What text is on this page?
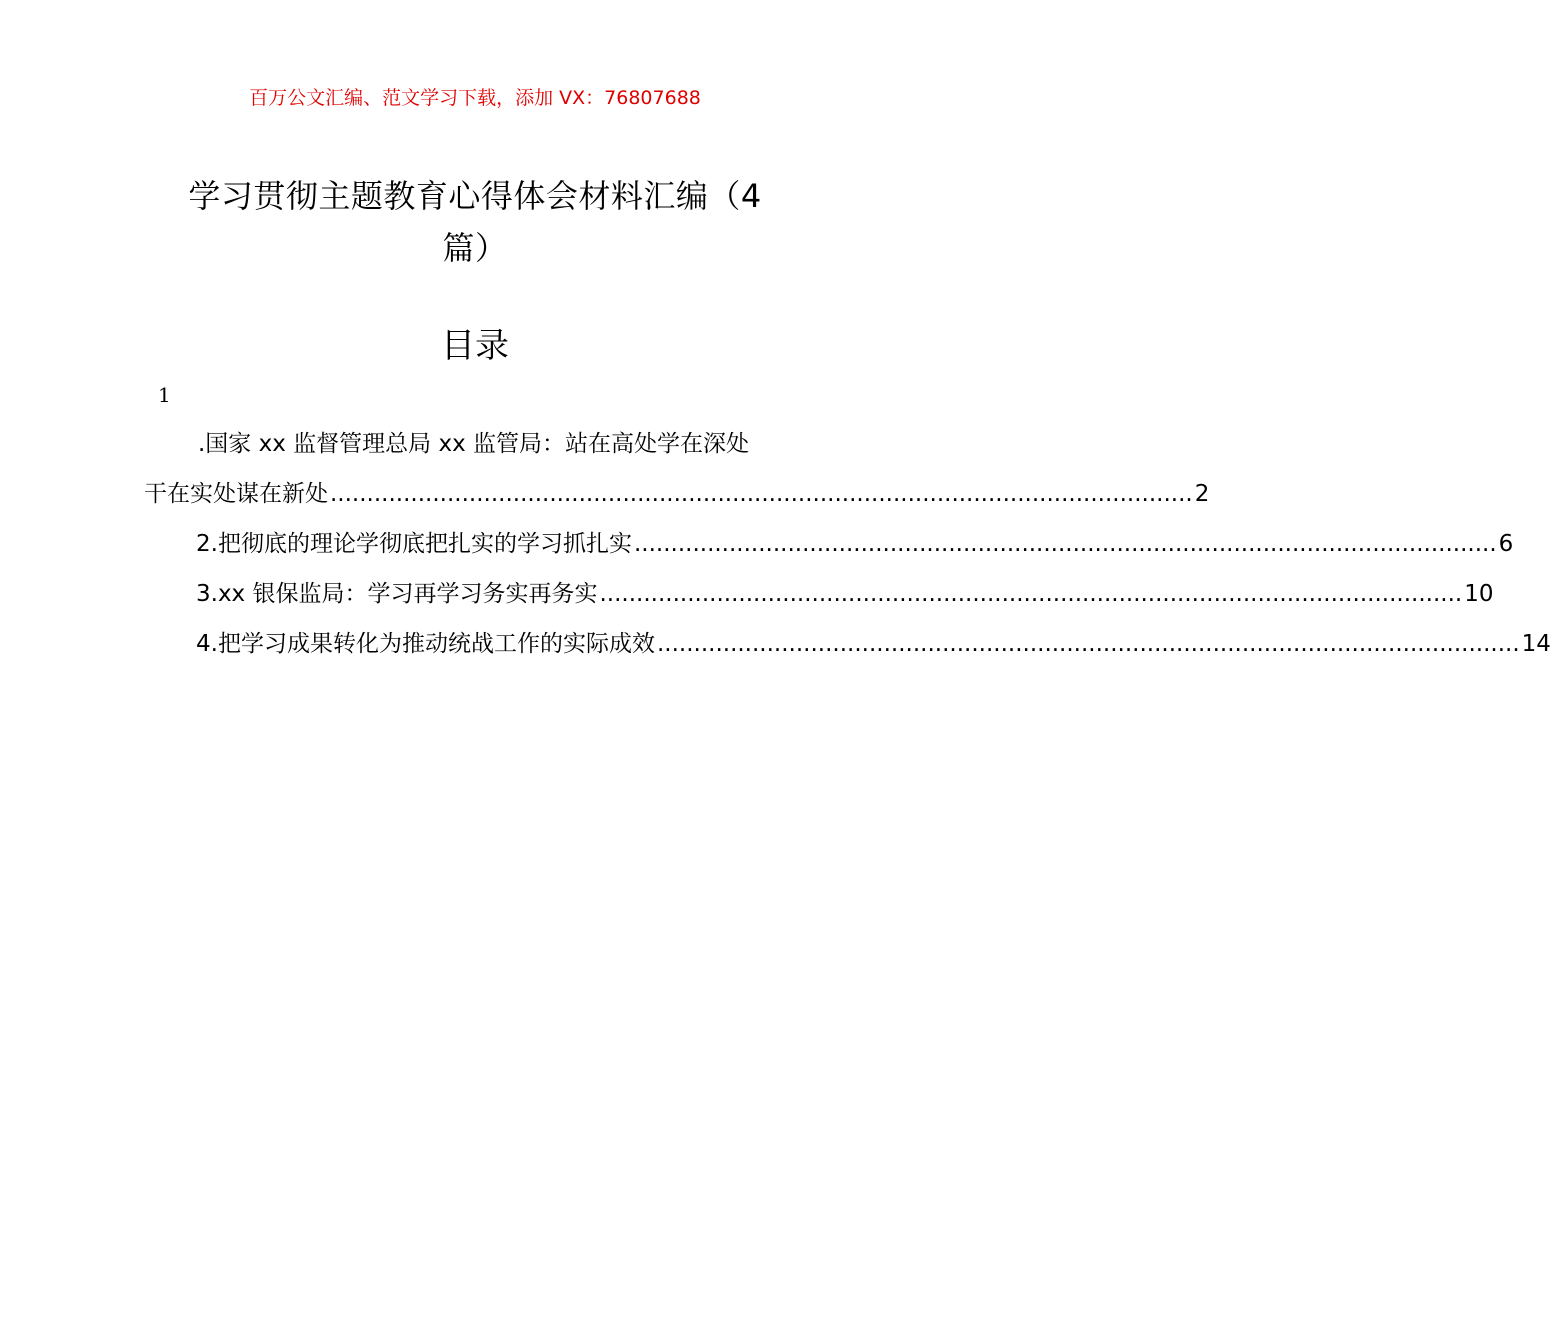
百万公文汇编、范文学习下载，添加 VX：76807688
学习贯彻主题教育心得体会材料汇编（4
篇）
目录
1
.国家 xx 监督管理总局 xx 监管局：站在高处学在深处
干在实处谋在新处 ...................................................................................................................... 2
2.把彻底的理论学彻底把扎实的学习抓扎实 ...................................................................................................................... 6
3.xx 银保监局：学习再学习务实再务实 ...................................................................................................................... 10
4.把学习成果转化为推动统战工作的实际成效 ...................................................................................................................... 14
